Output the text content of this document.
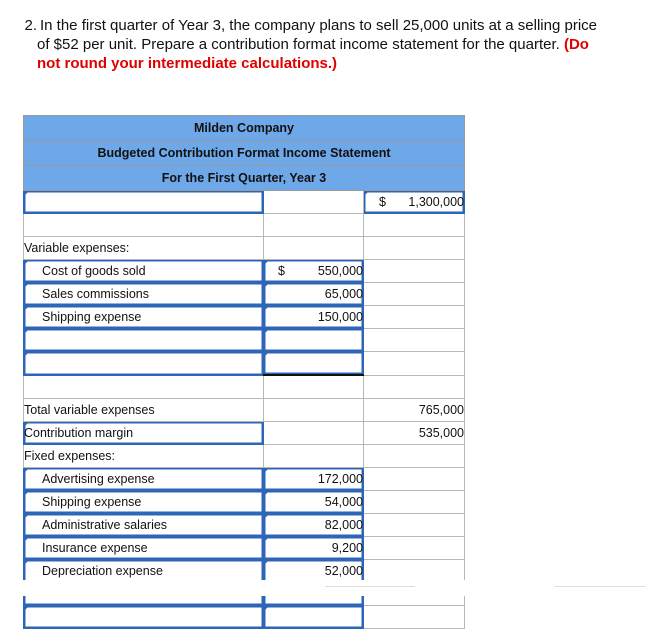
2. In the first quarter of Year 3, the company plans to sell 25,000 units at a selling price
of $52 per unit. Prepare a contribution format income statement for the quarter. (Do
not round your intermediate calculations.)
Milden Company		
Budgeted Contribution Format Income Statement		
For the First Quarter, Year 3		

		$ 1,300,000

Variable expenses:		
Cost of goods sold	$ 550,000	
Sales commissions	65,000	
Shipping expense	150,000	

Total variable expenses		765,000
Contribution margin		535,000
Fixed expenses:		
Advertising expense	172,000	
Shipping expense	54,000	
Administrative salaries	82,000	
Insurance expense	9,200	
Depreciation expense	52,000	
